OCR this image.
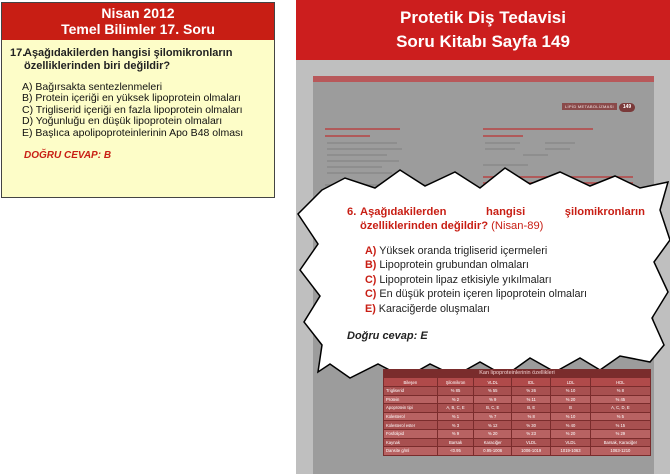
Nisan 2012
Temel Bilimler 17. Soru
17.Aşağıdakilerden hangisi şilomikronların
özelliklerinden biri değildir?
A) Bağırsakta sentezlenmeleri
B) Protein içeriği en yüksek lipoprotein olmaları
C) Trigliserid içeriği en fazla lipoprotein olmaları
D) Yoğunluğu en düşük lipoprotein olmaları
E) Başlıca apolipoproteinlerinin Apo B48 olması
DOĞRU CEVAP: B
Protetik Diş Tedavisi
Soru Kitabı Sayfa 149
LİPİD METABOLİZMASI	149
6. Aşağıdakilerden	hangisi	şilomikronların
özelliklerinden değildir? (Nisan-89)
A) Yüksek oranda trigliserid içermeleri
B) Lipoprotein grubundan olmaları
C) Lipoprotein lipaz etkisiyle yıkılmaları
C) En düşük protein içeren lipoprotein olmaları
E) Karaciğerde oluşmaları
Doğru cevap: E
Kan lipoproteinlerinin özellikleri
Bileşen	Şilomikron	VLDL	IDL	LDL	HDL
Trigliserid	% 85	% 55	% 26	% 10	% 8
Protein	% 2	% 9	% 11	% 20	% 45
Apoprotein tipi	A, B, C, E	B, C, E	B, E	B	A, C, D, E
Kolesterol	% 1	% 7	% 8	% 10	% 5
Kolesterol ester	% 3	% 12	% 30	% 40	% 15
Fosfolipid	% 9	% 20	% 23	% 20	% 29
Kaynak	Barsak	Karaciğer	VLDL	VLDL	Barsak, Karaciğer
Dansite g/ml	<0.95	0.95-1006	1006-1019	1019-1063	1063-1210
